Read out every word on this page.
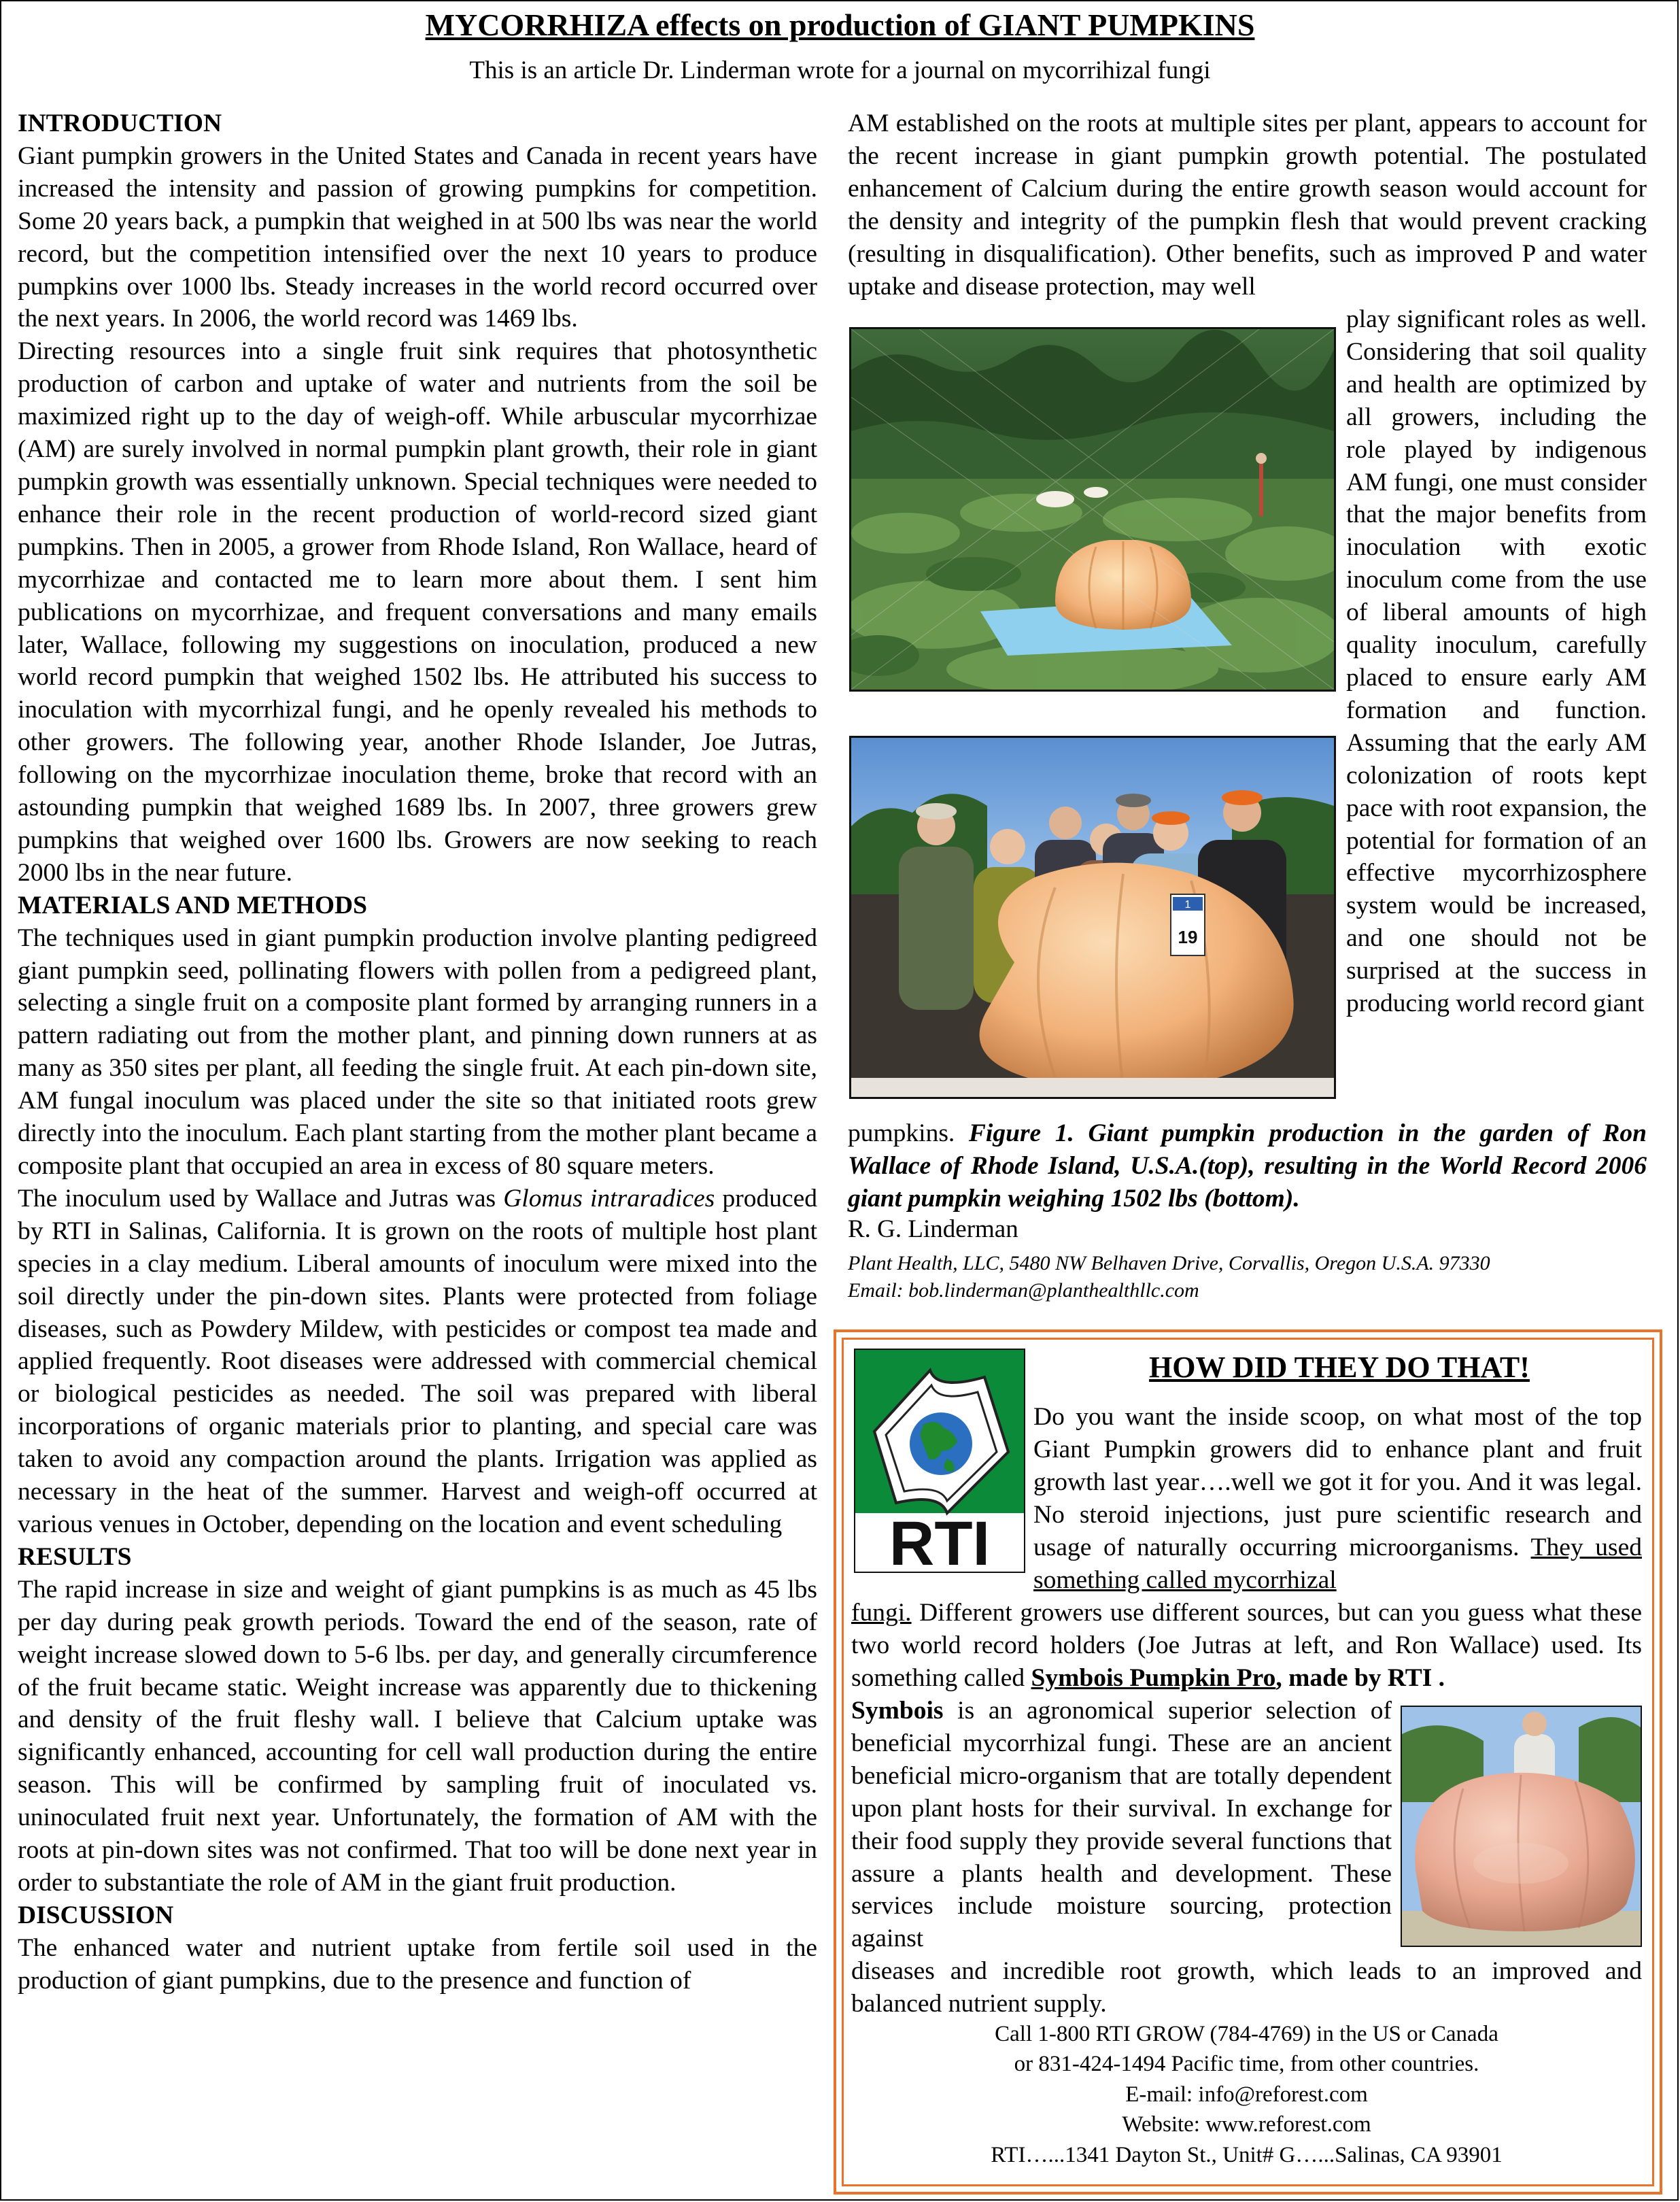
MYCORRHIZA effects on production of GIANT PUMPKINS
This is an article Dr. Linderman wrote for a journal on mycorrihizal fungi
INTRODUCTION
Giant pumpkin growers in the United States and Canada in recent years have increased the intensity and passion of growing pumpkins for competition. Some 20 years back, a pumpkin that weighed in at 500 lbs was near the world record, but the competition intensified over the next 10 years to produce pumpkins over 1000 lbs. Steady increases in the world record occurred over the next years. In 2006, the world record was 1469 lbs.
Directing resources into a single fruit sink requires that photosynthetic production of carbon and uptake of water and nutrients from the soil be maximized right up to the day of weigh-off. While arbuscular mycorrhizae (AM) are surely involved in normal pumpkin plant growth, their role in giant pumpkin growth was essentially unknown. Special techniques were needed to enhance their role in the recent production of world-record sized giant pumpkins. Then in 2005, a grower from Rhode Island, Ron Wallace, heard of mycorrhizae and contacted me to learn more about them. I sent him publications on mycorrhizae, and frequent conversations and many emails later, Wallace, following my suggestions on inoculation, produced a new world record pumpkin that weighed 1502 lbs. He attributed his success to inoculation with mycorrhizal fungi, and he openly revealed his methods to other growers. The following year, another Rhode Islander, Joe Jutras, following on the mycorrhizae inoculation theme, broke that record with an astounding pumpkin that weighed 1689 lbs. In 2007, three growers grew pumpkins that weighed over 1600 lbs. Growers are now seeking to reach 2000 lbs in the near future.
MATERIALS AND METHODS
The techniques used in giant pumpkin production involve planting pedigreed giant pumpkin seed, pollinating flowers with pollen from a pedigreed plant, selecting a single fruit on a composite plant formed by arranging runners in a pattern radiating out from the mother plant, and pinning down runners at as many as 350 sites per plant, all feeding the single fruit. At each pin-down site, AM fungal inoculum was placed under the site so that initiated roots grew directly into the inoculum. Each plant starting from the mother plant became a composite plant that occupied an area in excess of 80 square meters.
The inoculum used by Wallace and Jutras was Glomus intraradices produced by RTI in Salinas, California. It is grown on the roots of multiple host plant species in a clay medium. Liberal amounts of inoculum were mixed into the soil directly under the pin-down sites. Plants were protected from foliage diseases, such as Powdery Mildew, with pesticides or compost tea made and applied frequently. Root diseases were addressed with commercial chemical or biological pesticides as needed. The soil was prepared with liberal incorporations of organic materials prior to planting, and special care was taken to avoid any compaction around the plants. Irrigation was applied as necessary in the heat of the summer. Harvest and weigh-off occurred at various venues in October, depending on the location and event scheduling
RESULTS
The rapid increase in size and weight of giant pumpkins is as much as 45 lbs per day during peak growth periods. Toward the end of the season, rate of weight increase slowed down to 5-6 lbs. per day, and generally circumference of the fruit became static. Weight increase was apparently due to thickening and density of the fruit fleshy wall. I believe that Calcium uptake was significantly enhanced, accounting for cell wall production during the entire season. This will be confirmed by sampling fruit of inoculated vs. uninoculated fruit next year. Unfortunately, the formation of AM with the roots at pin-down sites was not confirmed. That too will be done next year in order to substantiate the role of AM in the giant fruit production.
DISCUSSION
The enhanced water and nutrient uptake from fertile soil used in the production of giant pumpkins, due to the presence and function of
AM established on the roots at multiple sites per plant, appears to account for the recent increase in giant pumpkin growth potential. The postulated enhancement of Calcium during the entire growth season would account for the density and integrity of the pumpkin flesh that would prevent cracking (resulting in disqualification). Other benefits, such as improved P and water uptake and disease protection, may well
play significant roles as well. Considering that soil quality and health are optimized by all growers, including the role played by indigenous AM fungi, one must consider that the major benefits from inoculation with exotic inoculum come from the use of liberal amounts of high quality inoculum, carefully placed to ensure early AM formation and function. Assuming that the early AM colonization of roots kept pace with root expansion, the potential for formation of an effective mycorrhizosphere system would be increased, and one should not be surprised at the success in producing world record giant
1
19
pumpkins. Figure 1. Giant pumpkin production in the garden of Ron Wallace of Rhode Island, U.S.A.(top), resulting in the World Record 2006 giant pumpkin weighing 1502 lbs (bottom).
R. G. Linderman
Plant Health, LLC, 5480 NW Belhaven Drive, Corvallis, Oregon U.S.A. 97330
Email: bob.linderman@planthealthllc.com
RTI
HOW DID THEY DO THAT!
Do you want the inside scoop, on what most of the top Giant Pumpkin growers did to enhance plant and fruit growth last year….well we got it for you. And it was legal. No steroid injections, just pure scientific research and usage of naturally occurring microorganisms. They used something called mycorrhizal
fungi. Different growers use different sources, but can you guess what these two world record holders (Joe Jutras at left, and Ron Wallace) used. Its something called Symbois Pumpkin Pro, made by RTI .
Symbois is an agronomical superior selection of beneficial mycorrhizal fungi. These are an ancient beneficial micro-organism that are totally dependent upon plant hosts for their survival. In exchange for their food supply they provide several functions that assure a plants health and development. These services include moisture sourcing, protection against
diseases and incredible root growth, which leads to an improved and balanced nutrient supply.
Call 1-800 RTI GROW (784-4769) in the US or Canada
or 831-424-1494 Pacific time, from other countries.
E-mail: info@reforest.com
Website: www.reforest.com
RTI…...1341 Dayton St., Unit# G…...Salinas, CA 93901
